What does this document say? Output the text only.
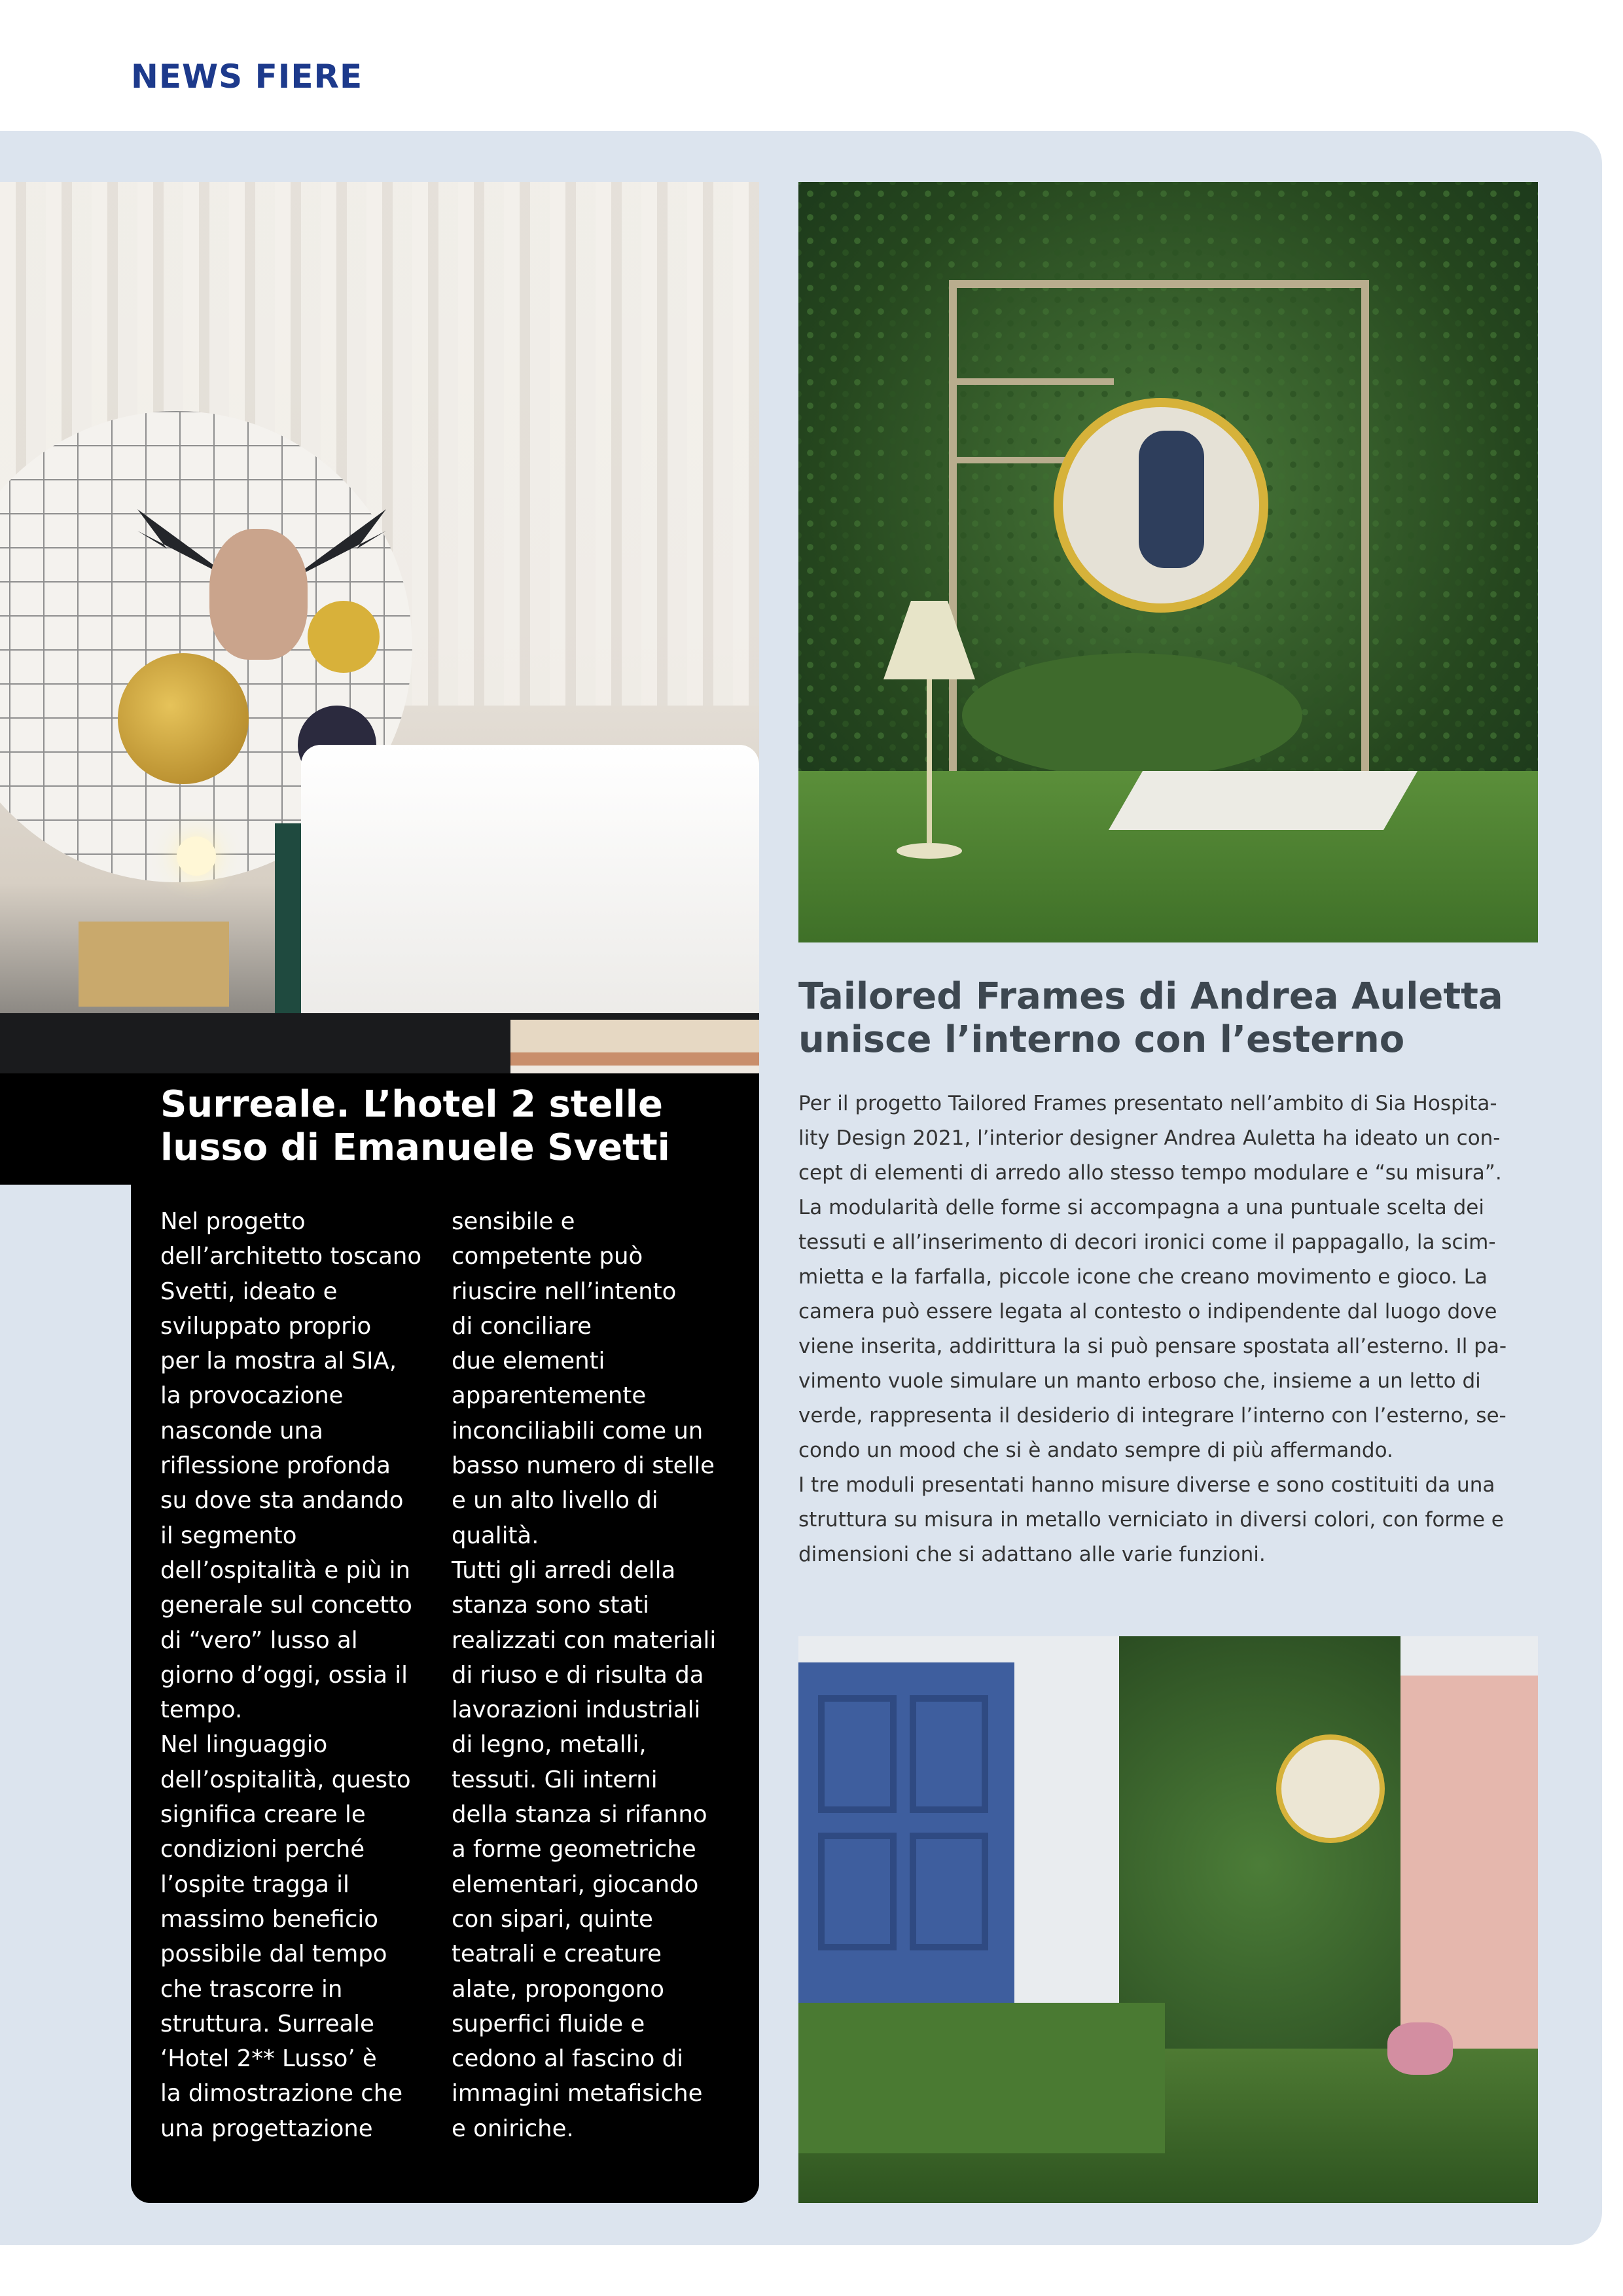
NEWS FIERE
Surreale. L’hotel 2 stelle
lusso di Emanuele Svetti

Nel progetto
dell’architetto toscano
Svetti, ideato e
sviluppato proprio
per la mostra al SIA,
la provocazione
nasconde una
riflessione profonda
su dove sta andando
il segmento
dell’ospitalità e più in
generale sul concetto
di “vero” lusso al
giorno d’oggi, ossia il
tempo.
Nel linguaggio
dell’ospitalità, questo
significa creare le
condizioni perché
l’ospite tragga il
massimo beneficio
possibile dal tempo
che trascorre in
struttura. Surreale
‘Hotel 2** Lusso’ è
la dimostrazione che
una progettazione

sensibile e
competente può
riuscire nell’intento
di conciliare
due elementi
apparentemente
inconciliabili come un
basso numero di stelle
e un alto livello di
qualità.
Tutti gli arredi della
stanza sono stati
realizzati con materiali
di riuso e di risulta da
lavorazioni industriali
di legno, metalli,
tessuti. Gli interni
della stanza si rifanno
a forme geometriche
elementari, giocando
con sipari, quinte
teatrali e creature
alate, propongono
superfici fluide e
cedono al fascino di
immagini metafisiche
e oniriche.

Tailored Frames di Andrea Auletta
unisce l’interno con l’esterno

Per il progetto Tailored Frames presentato nell’ambito di Sia Hospita-
lity Design 2021, l’interior designer Andrea Auletta ha ideato un con-
cept di elementi di arredo allo stesso tempo modulare e “su misura”.
La modularità delle forme si accompagna a una puntuale scelta dei
tessuti e all’inserimento di decori ironici come il pappagallo, la scim-
mietta e la farfalla, piccole icone che creano movimento e gioco. La
camera può essere legata al contesto o indipendente dal luogo dove
viene inserita, addirittura la si può pensare spostata all’esterno. Il pa-
vimento vuole simulare un manto erboso che, insieme a un letto di
verde, rappresenta il desiderio di integrare l’interno con l’esterno, se-
condo un mood che si è andato sempre di più affermando.
I tre moduli presentati hanno misure diverse e sono costituiti da una
struttura su misura in metallo verniciato in diversi colori, con forme e
dimensioni che si adattano alle varie funzioni.
